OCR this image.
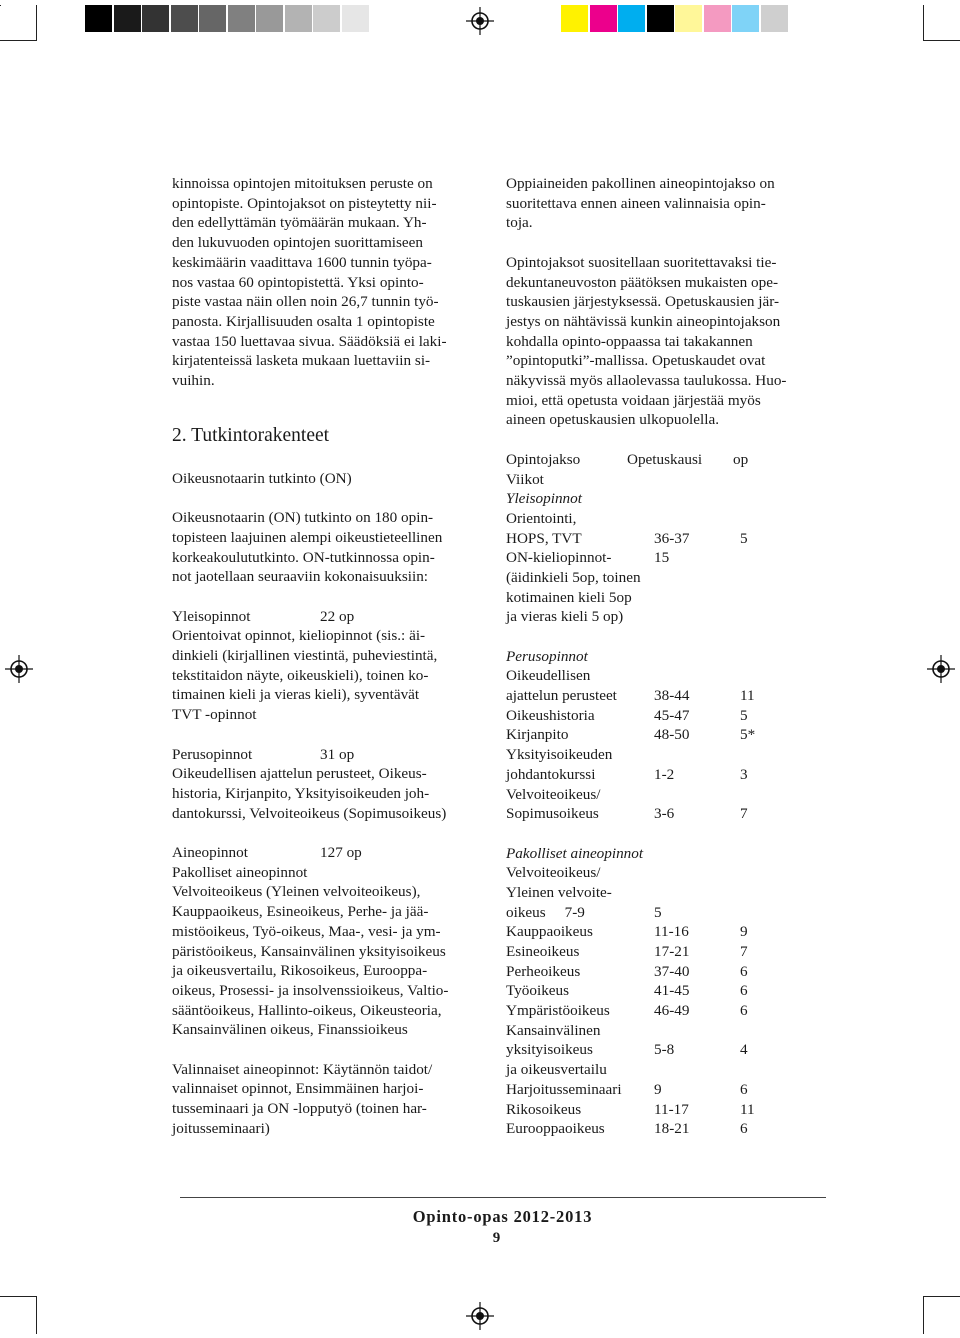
kinnoissa opintojen mitoituksen peruste on
opintopiste. Opintojaksot on pisteytetty nii-
den edellyttämän työmäärän mukaan. Yh-
den lukuvuoden opintojen suorittamiseen
keskimäärin vaadittava 1600 tunnin työpa-
nos vastaa 60 opintopistettä. Yksi opinto-
piste vastaa näin ollen noin 26,7 tunnin työ-
panosta. Kirjallisuuden osalta 1 opintopiste
vastaa 150 luettavaa sivua. Säädöksiä ei laki-
kirjatenteissä lasketa mukaan luettaviin si-
vuihin.
2. Tutkintorakenteet
Oikeusnotaarin tutkinto (ON)
Oikeusnotaarin (ON) tutkinto on 180 opin-
topisteen laajuinen alempi oikeustieteellinen
korkeakoulututkinto. ON-tutkinnossa opin-
not jaotellaan seuraaviin kokonaisuuksiin:
Yleisopinnot	22 op
Orientoivat opinnot, kieliopinnot (sis.: äi-
dinkieli (kirjallinen viestintä, puheviestintä,
tekstitaidon näyte, oikeuskieli), toinen ko-
timainen kieli ja vieras kieli), syventävät
TVT -opinnot
Perusopinnot	31 op
Oikeudellisen ajattelun perusteet, Oikeus-
historia, Kirjanpito, Yksityisoikeuden joh-
dantokurssi, Velvoiteoikeus (Sopimusoikeus)
Aineopinnot	127 op
Pakolliset aineopinnot
Velvoiteoikeus (Yleinen velvoiteoikeus),
Kauppaoikeus, Esineoikeus, Perhe- ja jää-
mistöoikeus, Työ-oikeus, Maa-, vesi- ja ym-
päristöoikeus, Kansainvälinen yksityisoikeus
ja oikeusvertailu, Rikosoikeus, Eurooppa-
oikeus, Prosessi- ja insolvenssioikeus, Valtio-
sääntöoikeus, Hallinto-oikeus, Oikeusteoria,
Kansainvälinen oikeus, Finanssioikeus
Valinnaiset aineopinnot: Käytännön taidot/
valinnaiset opinnot, Ensimmäinen harjoi-
tusseminaari ja ON -lopputyö (toinen har-
joitusseminaari)
Oppiaineiden pakollinen aineopintojakso on
suoritettava ennen aineen valinnaisia opin-
toja.
Opintojaksot suositellaan suoritettavaksi tie-
dekuntaneuvoston päätöksen mukaisten ope-
tuskausien järjestyksessä. Opetuskausien jär-
jestys on nähtävissä kunkin aineopintojakson
kohdalla opinto-oppaassa tai takakannen
”opintoputki”-mallissa. Opetuskaudet ovat
näkyvissä myös allaolevassa taulukossa. Huo-
mioi, että opetusta voidaan järjestää myös
aineen opetuskausien ulkopuolella.
Opintojakso	Opetuskausi	op
Viikot
Yleisopinnot
Orientointi,
HOPS, TVT	36-37	5
ON-kieliopinnot-	15
(äidinkieli 5op, toinen
kotimainen kieli 5op
ja vieras kieli 5 op)
Perusopinnot
Oikeudellisen
ajattelun perusteet	38-44	11
Oikeushistoria	45-47	5
Kirjanpito	48-50	5*
Yksityisoikeuden
johdantokurssi	1-2	3
Velvoiteoikeus/
Sopimusoikeus	3-6	7
Pakolliset aineopinnot
Velvoiteoikeus/
Yleinen velvoite-
oikeus     7-9	5
Kauppaoikeus	11-16	9
Esineoikeus	17-21	7
Perheoikeus	37-40	6
Työoikeus	41-45	6
Ympäristöoikeus	46-49	6
Kansainvälinen
yksityisoikeus	5-8	4
ja oikeusvertailu
Harjoitusseminaari	9	6
Rikosoikeus	11-17	11
Eurooppaoikeus	18-21	6
Opinto-opas 2012-2013
9
